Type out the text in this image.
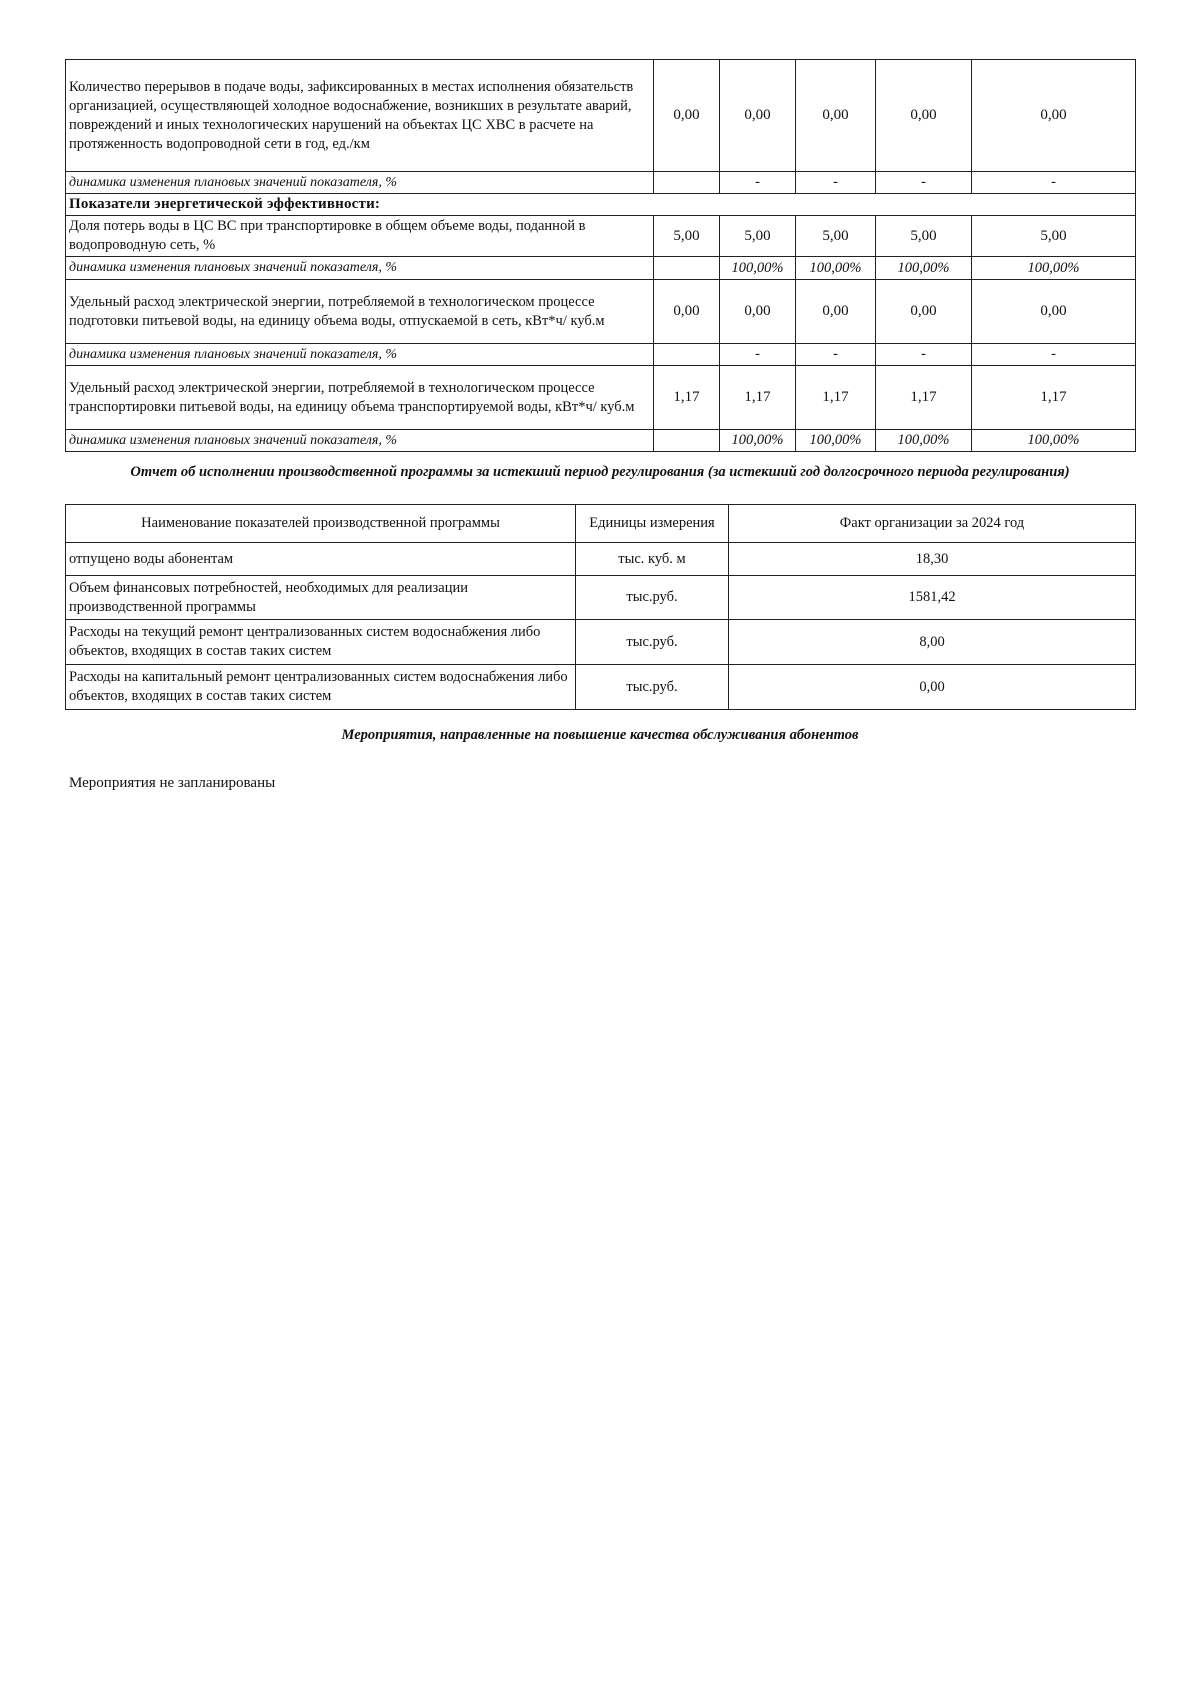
Количество перерывов в подаче воды, зафиксированных в местах исполнения обязательств организацией, осуществляющей холодное водоснабжение, возникших в результате аварий, повреждений и иных технологических нарушений на объектах ЦС ХВС в расчете на протяженность водопроводной сети в год, ед./км	0,00	0,00	0,00	0,00	0,00
динамика изменения плановых значений показателя, %		-	-	-	-
Показатели энергетической эффективности:					
Доля потерь воды в ЦС ВС при транспортировке в общем объеме воды, поданной в водопроводную сеть, %	5,00	5,00	5,00	5,00	5,00
динамика изменения плановых значений показателя, %		100,00%	100,00%	100,00%	100,00%
Удельный расход электрической энергии, потребляемой в технологическом процессе подготовки питьевой воды, на единицу объема воды, отпускаемой в сеть, кВт*ч/ куб.м	0,00	0,00	0,00	0,00	0,00
динамика изменения плановых значений показателя, %		-	-	-	-
Удельный расход электрической энергии, потребляемой в технологическом процессе транспортировки питьевой воды, на единицу объема транспортируемой воды, кВт*ч/ куб.м	1,17	1,17	1,17	1,17	1,17
динамика изменения плановых значений показателя, %		100,00%	100,00%	100,00%	100,00%
Отчет об исполнении производственной программы за истекший период регулирования (за истекший год долгосрочного периода регулирования)
Наименование показателей производственной программы	Единицы измерения	Факт организации за 2024 год
отпущено воды абонентам	тыс. куб. м	18,30
Объем финансовых потребностей, необходимых для реализации производственной программы	тыс.руб.	1581,42
Расходы на текущий ремонт централизованных систем водоснабжения либо объектов, входящих в состав таких систем	тыс.руб.	8,00
Расходы на капитальный ремонт централизованных систем водоснабжения либо объектов, входящих в состав таких систем	тыс.руб.	0,00
Мероприятия, направленные на повышение качества обслуживания абонентов
Мероприятия не запланированы
